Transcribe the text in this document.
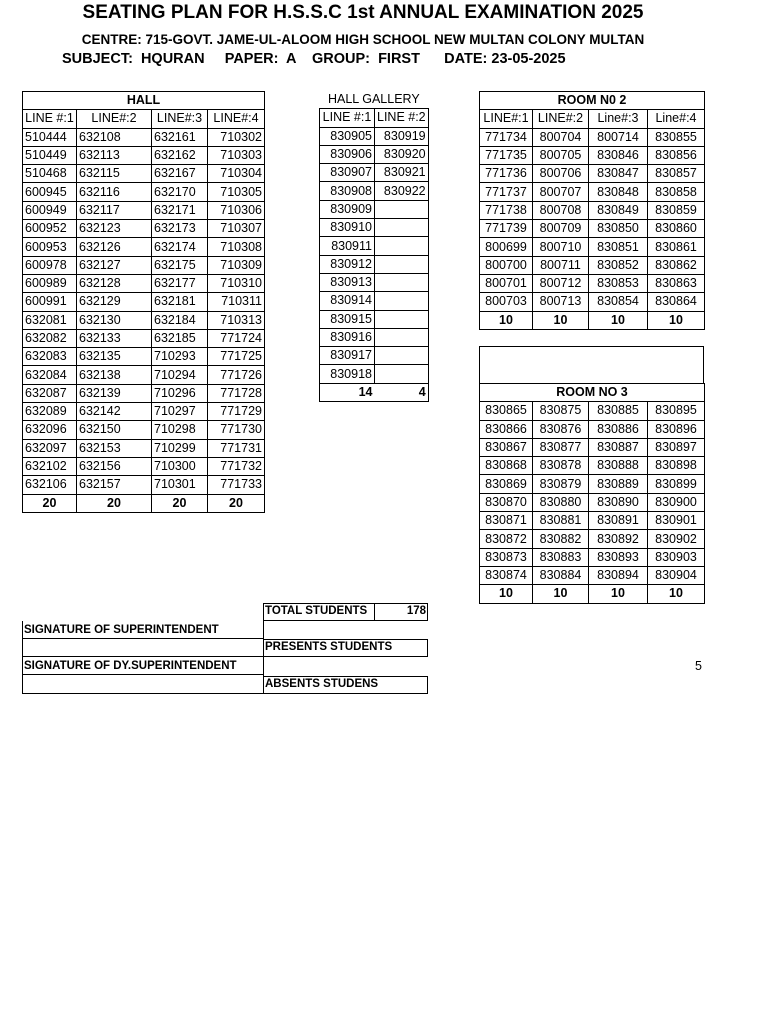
SEATING PLAN FOR H.S.S.C 1st ANNUAL EXAMINATION 2025
CENTRE: 715-GOVT. JAME-UL-ALOOM HIGH SCHOOL NEW MULTAN COLONY MULTAN
SUBJECT:  HQURAN     PAPER:  A    GROUP:  FIRST      DATE: 23-05-2025
HALL			
LINE #:1	LINE#:2	LINE#:3	LINE#:4
510444	632108	632161	710302
510449	632113	632162	710303
510468	632115	632167	710304
600945	632116	632170	710305
600949	632117	632171	710306
600952	632123	632173	710307
600953	632126	632174	710308
600978	632127	632175	710309
600989	632128	632177	710310
600991	632129	632181	710311
632081	632130	632184	710313
632082	632133	632185	771724
632083	632135	710293	771725
632084	632138	710294	771726
632087	632139	710296	771728
632089	632142	710297	771729
632096	632150	710298	771730
632097	632153	710299	771731
632102	632156	710300	771732
632106	632157	710301	771733
20	20	20	20
HALL GALLERY	
LINE #:1	LINE #:2
830905	830919
830906	830920
830907	830921
830908	830922
830909	
830910	
830911	
830912	
830913	
830914	
830915	
830916	
830917	
830918	
14	4
ROOM N0 2			
LINE#:1	LINE#:2	Line#:3	Line#:4
771734	800704	800714	830855
771735	800705	830846	830856
771736	800706	830847	830857
771737	800707	830848	830858
771738	800708	830849	830859
771739	800709	830850	830860
800699	800710	830851	830861
800700	800711	830852	830862
800701	800712	830853	830863
800703	800713	830854	830864
10	10	10	10
ROOM NO 3			
830865	830875	830885	830895
830866	830876	830886	830896
830867	830877	830887	830897
830868	830878	830888	830898
830869	830879	830889	830899
830870	830880	830890	830900
830871	830881	830891	830901
830872	830882	830892	830902
830873	830883	830893	830903
830874	830884	830894	830904
10	10	10	10
TOTAL STUDENTS	178
SIGNATURE OF SUPERINTENDENT
PRESENTS STUDENTS
SIGNATURE OF DY.SUPERINTENDENT
ABSENTS STUDENS
5
